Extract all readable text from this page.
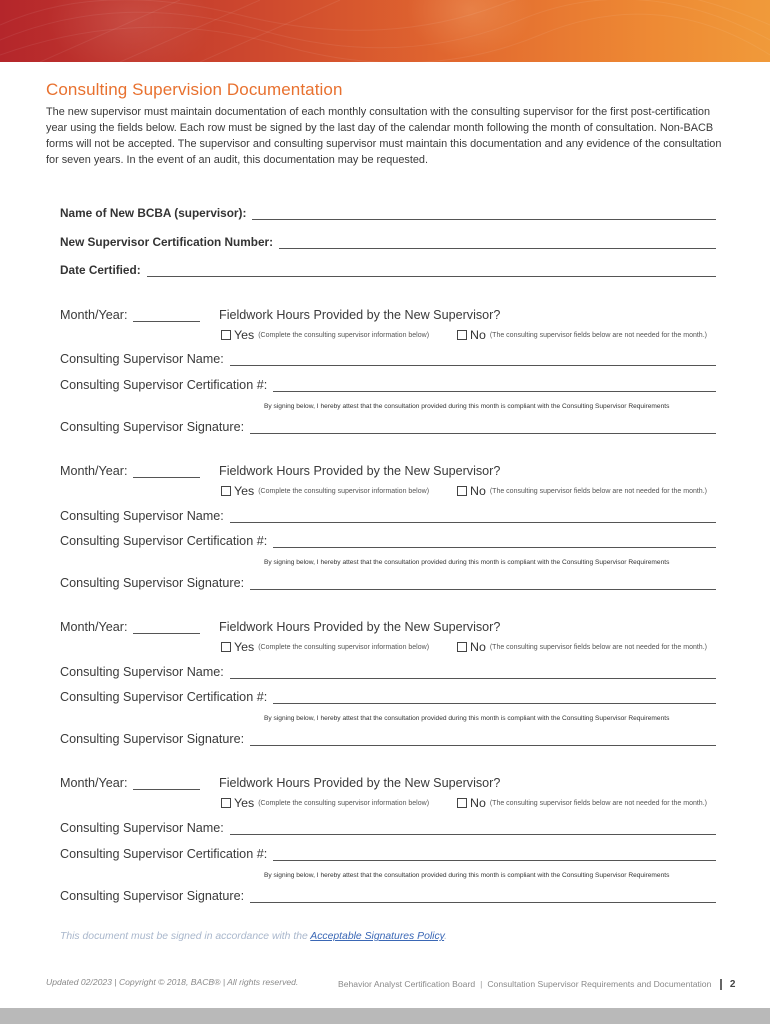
Consulting Supervision Documentation
The new supervisor must maintain documentation of each monthly consultation with the consulting supervisor for the first post-certification year using the fields below. Each row must be signed by the last day of the calendar month following the month of consultation. Non-BACB forms will not be accepted. The supervisor and consulting supervisor must maintain this documentation and any evidence of the consultation for seven years. In the event of an audit, this documentation may be requested.
Name of New BCBA (supervisor):
New Supervisor Certification Number:
Date Certified:
Month/Year:	Fieldwork Hours Provided by the New Supervisor?
Yes (Complete the consulting supervisor information below)	No (The consulting supervisor fields below are not needed for the month.)
Consulting Supervisor Name:
Consulting Supervisor Certification #:
By signing below, I hereby attest that the consultation provided during this month is compliant with the Consulting Supervisor Requirements
Consulting Supervisor Signature:
Month/Year:	Fieldwork Hours Provided by the New Supervisor?
Yes (Complete the consulting supervisor information below)	No (The consulting supervisor fields below are not needed for the month.)
Consulting Supervisor Name:
Consulting Supervisor Certification #:
By signing below, I hereby attest that the consultation provided during this month is compliant with the Consulting Supervisor Requirements
Consulting Supervisor Signature:
Month/Year:	Fieldwork Hours Provided by the New Supervisor?
Yes (Complete the consulting supervisor information below)	No (The consulting supervisor fields below are not needed for the month.)
Consulting Supervisor Name:
Consulting Supervisor Certification #:
By signing below, I hereby attest that the consultation provided during this month is compliant with the Consulting Supervisor Requirements
Consulting Supervisor Signature:
Month/Year:	Fieldwork Hours Provided by the New Supervisor?
Yes (Complete the consulting supervisor information below)	No (The consulting supervisor fields below are not needed for the month.)
Consulting Supervisor Name:
Consulting Supervisor Certification #:
By signing below, I hereby attest that the consultation provided during this month is compliant with the Consulting Supervisor Requirements
Consulting Supervisor Signature:
This document must be signed in accordance with the Acceptable Signatures Policy.
Updated 02/2023 | Copyright © 2018, BACB® | All rights reserved.	Behavior Analyst Certification Board | Consultation Supervisor Requirements and Documentation 2
